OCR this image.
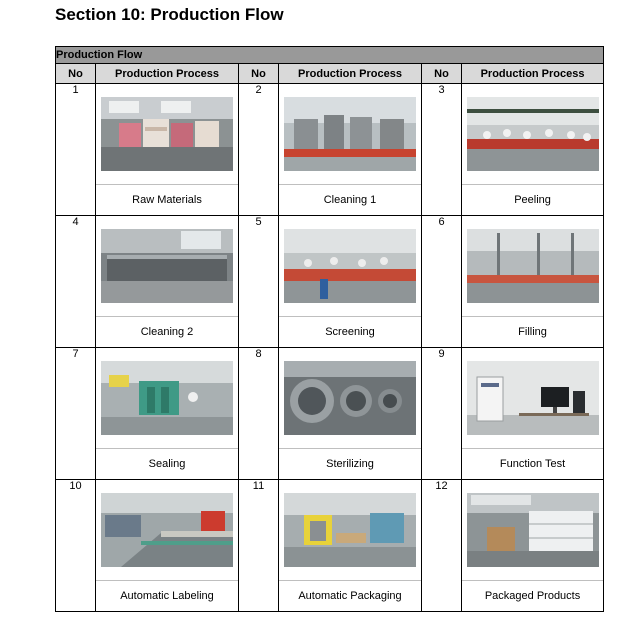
Section 10: Production Flow
Production Flow					
No	Production Process	No	Production Process	No	Production Process
1	Raw Materials	2	Cleaning 1	3	Peeling

4	Cleaning 2	5	Screening	6	Filling

7	Sealing	8	Sterilizing	9	Function Test

10	Automatic Labeling	11	Automatic Packaging	12	Packaged Products
